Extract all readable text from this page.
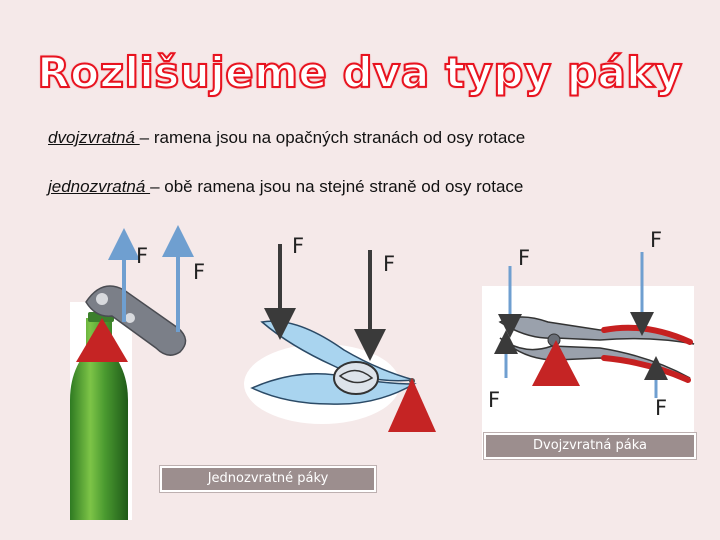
Rozlišujeme dva typy páky
dvojzvratná – ramena jsou na opačných stranách od osy rotace
jednozvratná – obě ramena jsou na stejné straně od osy rotace
F
F
F
F	F
F
F	F
Dvojzvratná páka
Jednozvratné páky
